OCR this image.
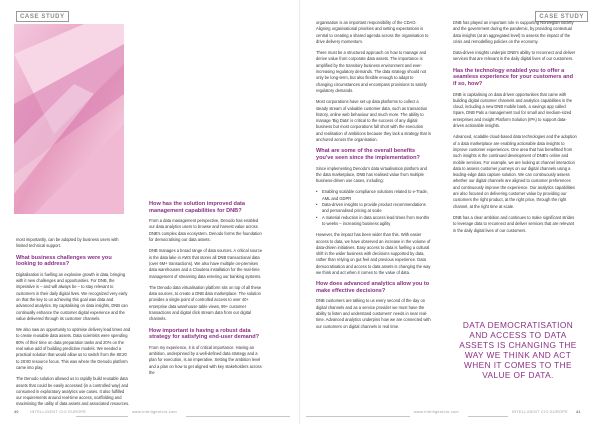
CASE STUDY

most importantly, can be adopted by business users with limited technical support.

What business challenges were you looking to address?

Digitalisation is fuelling an explosive growth in data, bringing with it new challenges and opportunities. For DNB, the imperative is – and will always be – to stay relevant to customers in their daily digital lives. We recognized very early on that the key to us achieving this goal was data and advanced analytics. By capitalising on data insights, DNB can continually enhance the customer digital experience and the value delivered through its customer channels.

We also saw an opportunity to optimise delivery lead times and to create reusable data assets. Data scientists were spending 80% of their time on data preparation tasks and 20% on the real value add of building predictive models. We needed a practical solution that would allow us to switch from the 80:20 to 20:80 resource focus. This was where the Denodo platform came into play.

The Denodo solution allowed us to rapidly build reusable data assets that could be easily accessed (in a controlled way) and consumed in exploratory analytics use cases. It also fulfilled our requirements around real-time access, scaffolding and maximising the utility of data assets and associated resources.

How has the solution improved data management capabilities for DNB?

From a data management perspective, Denodo has enabled our data analytics users to browse and harvest value across DNB's complex data ecosystem. Denodo forms the foundation for democratising our data assets.

DNB manages a broad range of data sources. A critical source is the data lake in AWS that stores all DNB transactional data (over 6M+ transactions). We also have multiple on-premises data warehouses and a Cloudera installation for the real-time management of streaming data entering our banking systems.

The Denodo data virtualisation platform sits on top of all these data sources, to create a DNB data marketplace. The solution provides a single point of controlled access to over 40+ enterprise data warehouse table views, 99+ customer transactions and digital click stream data from our digital channels.

How important is having a robust data strategy for satisfying end-user demand?

From my experience, it is of critical importance. Having an ambition, underpinned by a well-defined data strategy and a plan for execution, is an imperative. Setting the ambition level and a plan on how to get aligned with key stakeholders across the

40	INTELLIGENT CIO EUROPE	www.intelligentcio.com
CASE STUDY
www.intelligentcio.com	INTELLIGENT CIO EUROPE 41

organisation is an important responsibility of the CDAO. Aligning organisational priorities and setting expectations is central to creating a shared agenda across the organisation to drive delivery momentum.

There must be a structured approach on how to manage and derive value from corporate data assets. The importance is amplified by the transitory business environment and ever-increasing regulatory demands. The data strategy should not only be long-term, but also flexible enough to adapt to changing circumstances and encompass provisions to satisfy regulatory demands.

Most corporations have set up data platforms to collect a steady stream of valuable customer data, such as transaction history, online web behaviour and much more. The ability to manage 'Big Data' is critical to the success of any digital business but most corporations fall short with the execution and realisation of ambitions because they lack a strategy that is anchored across the organisation.

What are some of the overall benefits you've seen since the implementation?

Since implementing Denodo's data virtualisation platform and the data marketplace, DNB has realised value from multiple business-driven use cases, including:

• Enabling scalable compliance solutions related to e-Trade, AML and GDPR
• Data-driven insights to provide product recommendations and personalised pricing at scale
• A material reduction in data access lead times from months to weeks – increasing business agility

However, the impact has been wider than this. With easier access to data, we have observed an increase in the volume of data-driven initiatives. Easy access to data is fuelling a cultural shift in the wider business with decisions supported by data, rather than relying on gut feel and previous experience. Data democratisation and access to data assets is changing the way we think and act when it comes to the value of data.

How does advanced analytics allow you to make effective decisions?

DNB customers are talking to us every second of the day on digital channels and as a service provider we must have the ability to listen and understand customers' needs in near real-time. Advanced analytics underpins how we are connected with our customers on digital channels in real time.

DNB has played an important role in supporting Norwegian society and the government during the pandemic, by providing contextual data insights (at an aggregated level) to assess the impact of the crisis and remodelling policies on the economy.

Data-driven insights underpin DNB's ability to reconnect and deliver services that are relevant in the daily digital lives of our customers.

Has the technology enabled you to offer a seamless experience for your customers and if so, how?

DNB is capitalising on data driven opportunities that came with building digital customer channels and analytics capabilities in the cloud, including a new DNB mobile bank, a savings app called Spare, DNB Pals a management tool for small and medium-sized enterprises and Insight Platform Solution (IPA) to support data-driven actionable insights.

Advanced, scalable cloud-based data technologies and the adoption of a data marketplace are enabling actionable data insights to improve customer experiences. One area that has benefitted from such insights is the continued development of DNB's online and mobile services. For example, we are looking at channel interaction data to assess customer journeys on our digital channels using a leading-edge data capture solution. We can continuously assess whether our digital channels are aligned to customer preferences and continuously improve the experience. Our analytics capabilities are also focused on delivering customer value by providing our customers the right product, at the right price, through the right channel, at the right time at scale.

DNB has a clear ambition and continues to make significant strides to leverage data to reconnect and deliver services that are relevant in the daily digital lives of our customers.

DATA DEMOCRATISATION AND ACCESS TO DATA ASSETS IS CHANGING THE WAY WE THINK AND ACT WHEN IT COMES TO THE VALUE OF DATA.
